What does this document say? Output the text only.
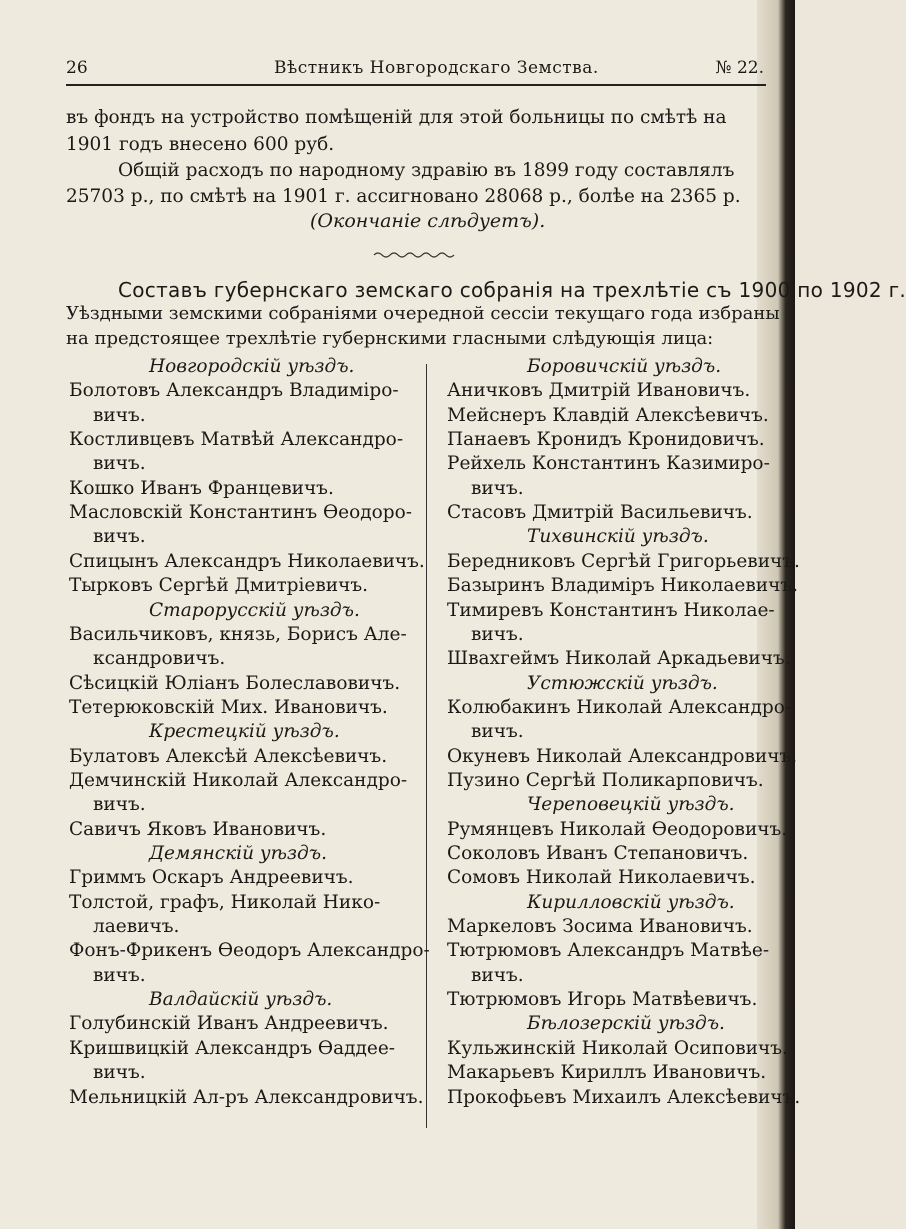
26	Вѣстникъ Новгородскаго Земства.	№ 22.
въ фондъ на устройство помѣщеній для этой больницы по смѣтѣ на
1901 годъ внесено 600 руб.
Общій расходъ по народному здравію въ 1899 году составлялъ
25703 р., по смѣтѣ на 1901 г. ассигновано 28068 р., болѣе на 2365 р.
(Окончаніе слѣдуетъ).
Составъ губернскаго земскаго собранія на трехлѣтіе съ 1900 по 1902 г.
Уѣздными земскими собраніями очередной сессіи текущаго года избраны
на предстоящее трехлѣтіе губернскими гласными слѣдующія лица:
Новгородскій уѣздъ.
Болотовъ Александръ Владиміро-
вичъ.
Костливцевъ Матвѣй Александро-
вичъ.
Кошко Иванъ Францевичъ.
Масловскій Константинъ Ѳеодоро-
вичъ.
Спицынъ Александръ Николаевичъ.
Тырковъ Сергѣй Дмитріевичъ.
Старорусскій уѣздъ.
Васильчиковъ, князь, Борисъ Але-
ксандровичъ.
Сѣсицкій Юліанъ Болеславовичъ.
Тетерюковскій Мих. Ивановичъ.
Крестецкій уѣздъ.
Булатовъ Алексѣй Алексѣевичъ.
Демчинскій Николай Александро-
вичъ.
Савичъ Яковъ Ивановичъ.
Демянскій уѣздъ.
Гриммъ Оскаръ Андреевичъ.
Толстой, графъ, Николай Нико-
лаевичъ.
Фонъ-Фрикенъ Ѳеодоръ Александро-
вичъ.
Валдайскій уѣздъ.
Голубинскій Иванъ Андреевичъ.
Кришвицкій Александръ Ѳаддее-
вичъ.
Мельницкій Ал-ръ Александровичъ.
Боровичскій уѣздъ.
Аничковъ Дмитрій Ивановичъ.
Мейснеръ Клавдій Алексѣевичъ.
Панаевъ Кронидъ Кронидовичъ.
Рейхель Константинъ Казимиро-
вичъ.
Стасовъ Дмитрій Васильевичъ.
Тихвинскій уѣздъ.
Бередниковъ Сергѣй Григорьевичъ.
Базыринъ Владиміръ Николаевичъ.
Тимиревъ Константинъ Николае-
вичъ.
Швахгеймъ Николай Аркадьевичъ.
Устюжскій уѣздъ.
Колюбакинъ Николай Александро-
вичъ.
Окуневъ Николай Александровичъ.
Пузино Сергѣй Поликарповичъ.
Череповецкій уѣздъ.
Румянцевъ Николай Ѳеодоровичъ.
Соколовъ Иванъ Степановичъ.
Сомовъ Николай Николаевичъ.
Кирилловскій уѣздъ.
Маркеловъ Зосима Ивановичъ.
Тютрюмовъ Александръ Матвѣе-
вичъ.
Тютрюмовъ Игорь Матвѣевичъ.
Бѣлозерскій уѣздъ.
Кульжинскій Николай Осиповичъ.
Макарьевъ Кириллъ Ивановичъ.
Прокофьевъ Михаилъ Алексѣевичъ.
